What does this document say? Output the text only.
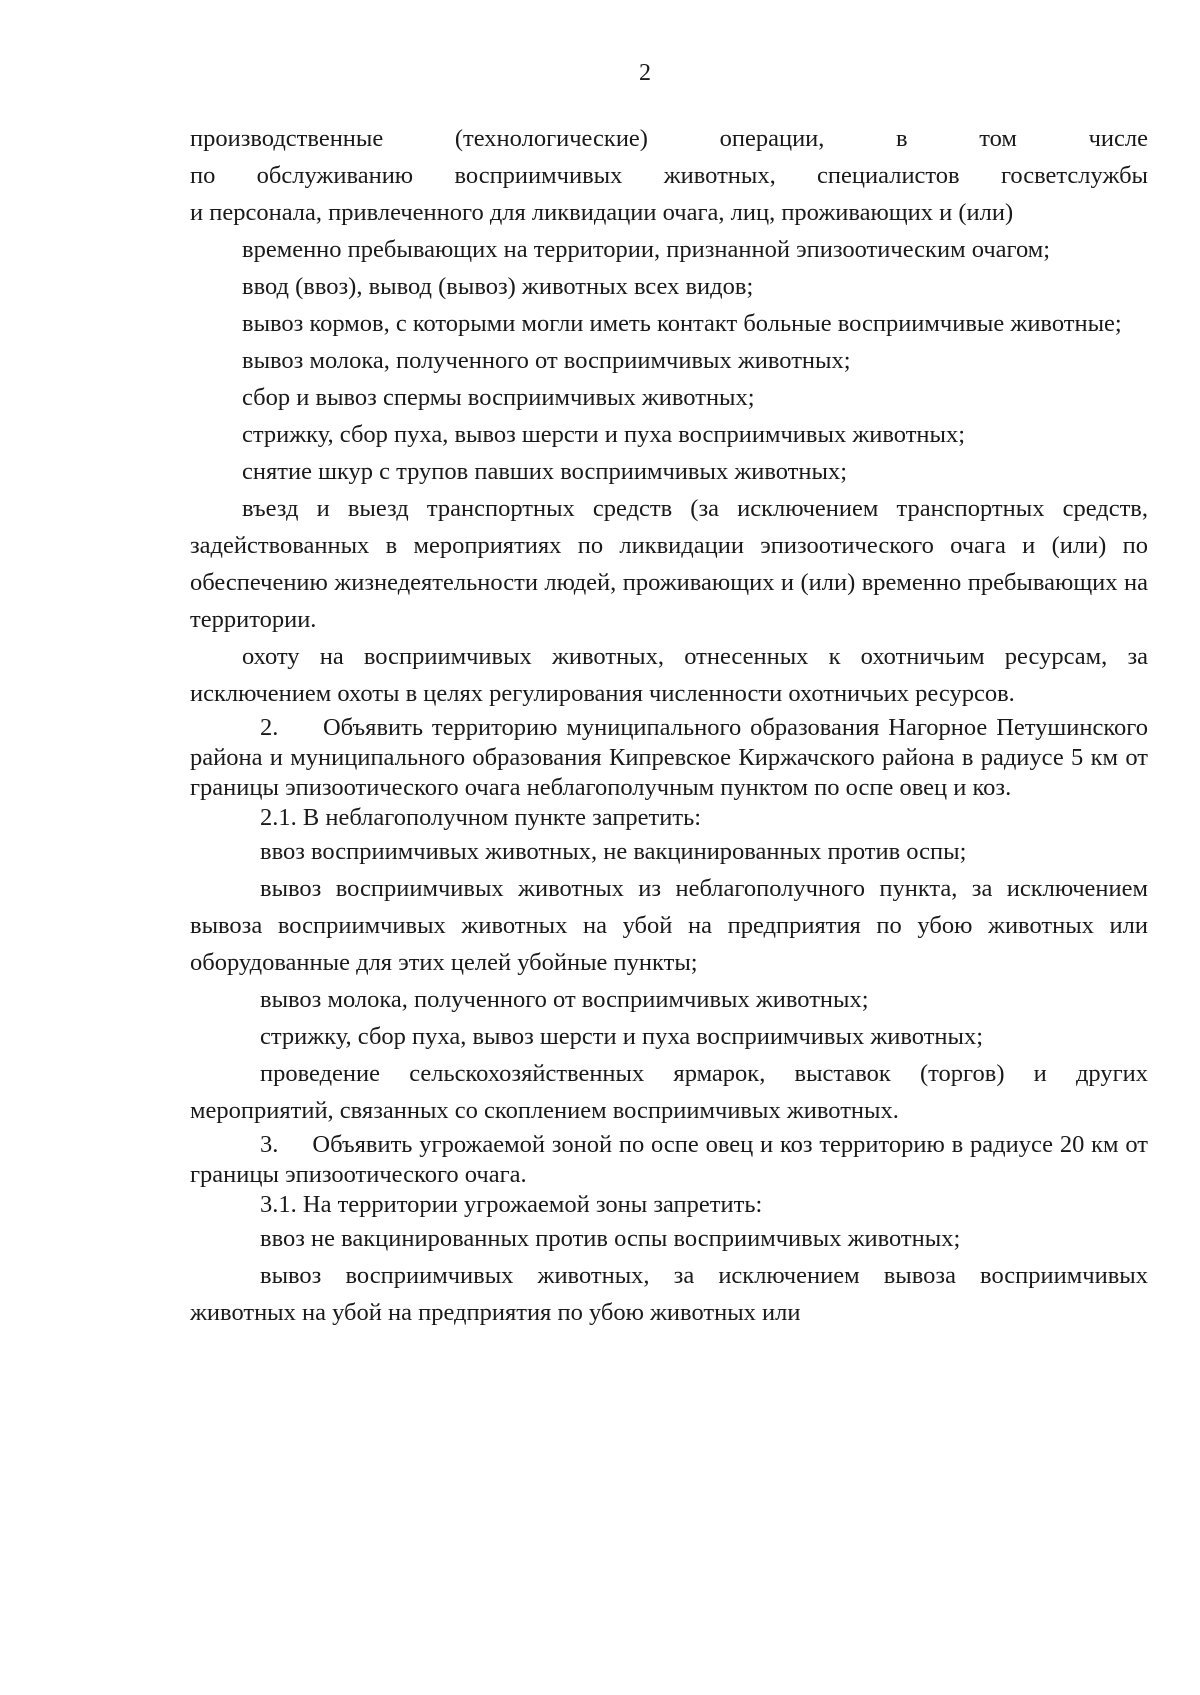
2
производственные (технологические) операции, в том числе
по обслуживанию восприимчивых животных, специалистов госветслужбы
и персонала, привлеченного для ликвидации очага, лиц, проживающих и (или)

временно пребывающих на территории, признанной эпизоотическим очагом;

ввод (ввоз), вывод (вывоз) животных всех видов;

вывоз кормов, с которыми могли иметь контакт больные восприимчивые животные;

вывоз молока, полученного от восприимчивых животных;

сбор и вывоз спермы восприимчивых животных;

стрижку, сбор пуха, вывоз шерсти и пуха восприимчивых животных;

снятие шкур с трупов павших восприимчивых животных;

въезд и выезд транспортных средств (за исключением транспортных средств, задействованных в мероприятиях по ликвидации эпизоотического очага и (или) по обеспечению жизнедеятельности людей, проживающих и (или) временно пребывающих на территории.

охоту на восприимчивых животных, отнесенных к охотничьим ресурсам, за исключением охоты в целях регулирования численности охотничьих ресурсов.

2.     Объявить территорию муниципального образования Нагорное Петушинского района и муниципального образования Кипревское Киржачского района в радиусе 5 км от границы эпизоотического очага неблагополучным пунктом по оспе овец и коз.

2.1. В неблагополучном пункте запретить:

ввоз восприимчивых животных, не вакцинированных против оспы;

вывоз восприимчивых животных из неблагополучного пункта, за исключением вывоза восприимчивых животных на убой на предприятия по убою животных или оборудованные для этих целей убойные пункты;

вывоз молока, полученного от восприимчивых животных;

стрижку, сбор пуха, вывоз шерсти и пуха восприимчивых животных;

проведение сельскохозяйственных ярмарок, выставок (торгов) и других мероприятий, связанных со скоплением восприимчивых животных.

3.     Объявить угрожаемой зоной по оспе овец и коз территорию в радиусе 20 км от границы эпизоотического очага.

3.1. На территории угрожаемой зоны запретить:

ввоз не вакцинированных против оспы восприимчивых животных;

вывоз восприимчивых животных, за исключением вывоза восприимчивых животных на убой на предприятия по убою животных или
